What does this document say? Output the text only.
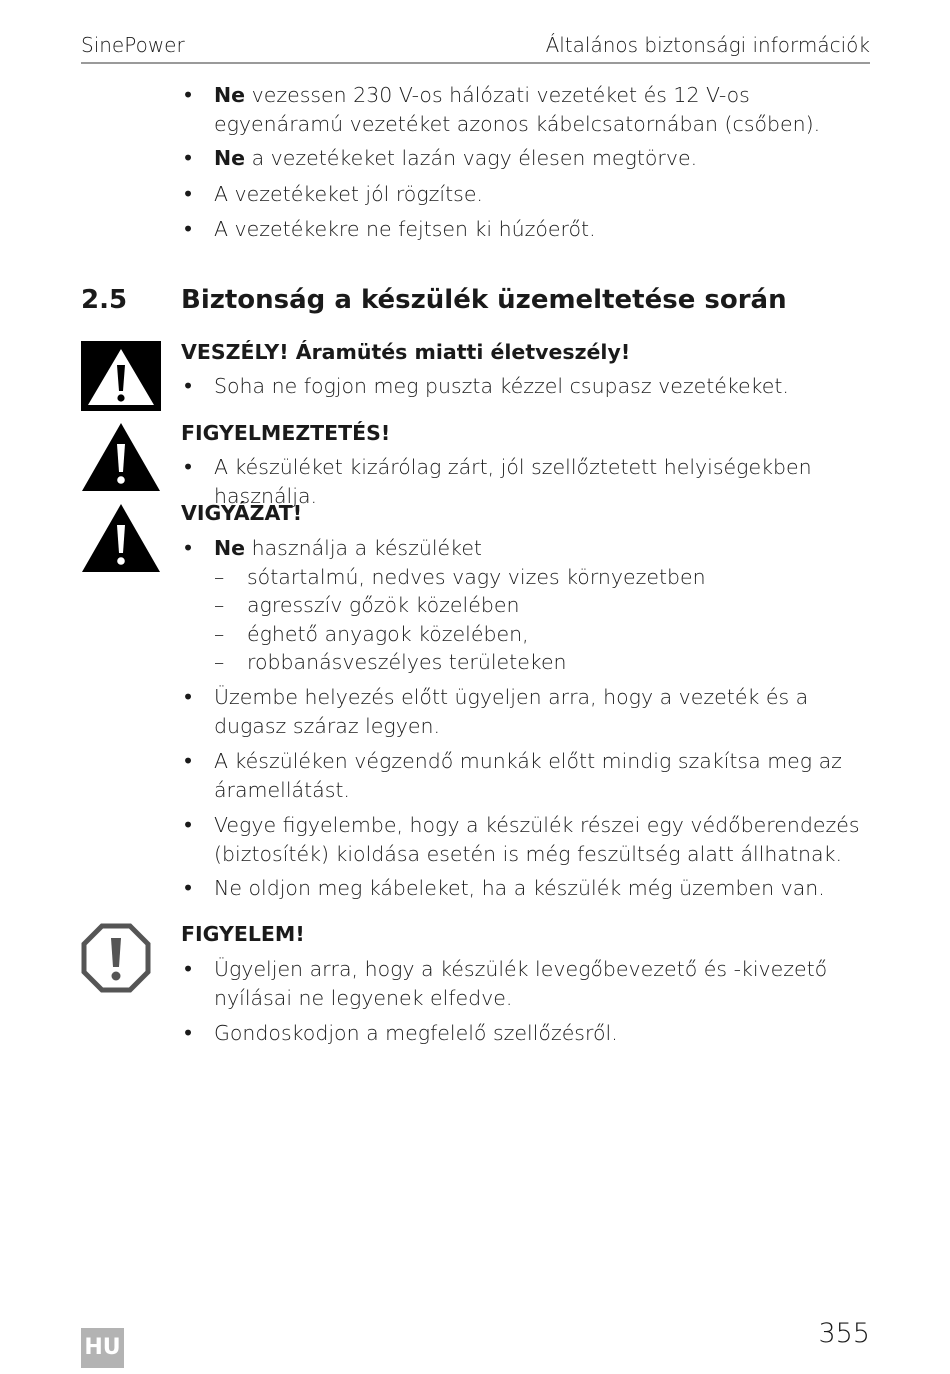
SinePower	Általános biztonsági információk
• Ne vezessen 230 V-os hálózati vezetéket és 12 V-os egyenáramú vezetéket azonos kábelcsatornában (csőben).
• Ne a vezetékeket lazán vagy élesen megtörve.
• A vezetékeket jól rögzítse.
• A vezetékekre ne fejtsen ki húzóerőt.
2.5 Biztonság a készülék üzemeltetése során
VESZÉLY! Áramütés miatti életveszély!
• Soha ne fogjon meg puszta kézzel csupasz vezetékeket.
FIGYELMEZTETÉS!
• A készüléket kizárólag zárt, jól szellőztetett helyiségekben használja.
VIGYÁZAT!
• Ne használja a készüléket
– sótartalmú, nedves vagy vizes környezetben
– agresszív gőzök közelében
– éghető anyagok közelében,
– robbanásveszélyes területeken
• Üzembe helyezés előtt ügyeljen arra, hogy a vezeték és a dugasz száraz legyen.
• A készüléken végzendő munkák előtt mindig szakítsa meg az áramellátást.
• Vegye figyelembe, hogy a készülék részei egy védőberendezés (biztosíték) kioldása esetén is még feszültség alatt állhatnak.
• Ne oldjon meg kábeleket, ha a készülék még üzemben van.
FIGYELEM!
• Ügyeljen arra, hogy a készülék levegőbevezető és -kivezető nyílásai ne legyenek elfedve.
• Gondoskodjon a megfelelő szellőzésről.
HU	355
